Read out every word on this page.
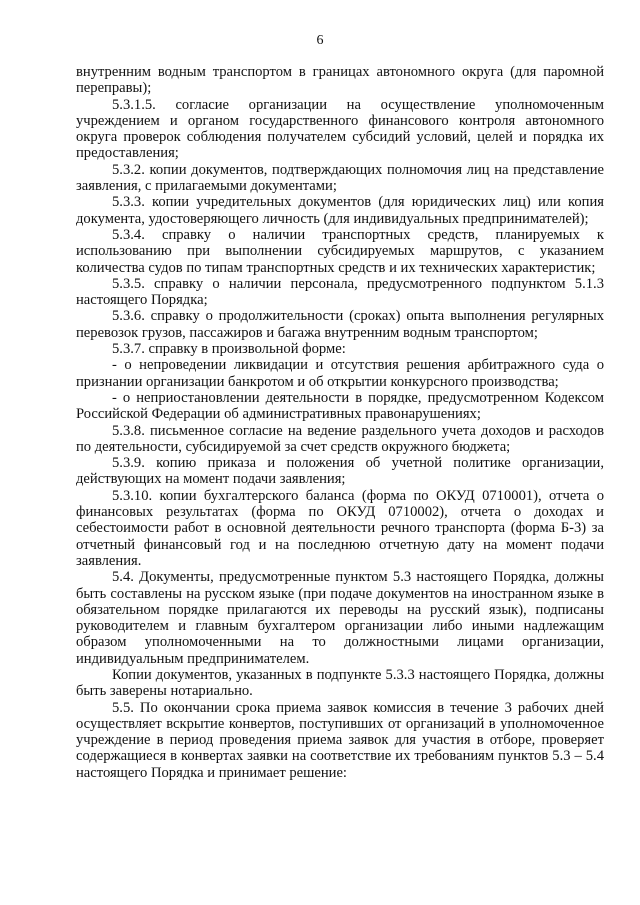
6

внутренним водным транспортом в границах автономного округа (для паромной переправы);

5.3.1.5. согласие организации на осуществление уполномоченным учреждением и органом государственного финансового контроля автономного округа проверок соблюдения получателем субсидий условий, целей и порядка их предоставления;

5.3.2. копии документов, подтверждающих полномочия лиц на представление заявления, с прилагаемыми документами;

5.3.3. копии учредительных документов (для юридических лиц) или копия документа, удостоверяющего личность (для индивидуальных предпринимателей);

5.3.4. справку о наличии транспортных средств, планируемых к использованию при выполнении субсидируемых маршрутов, с указанием количества судов по типам транспортных средств и их технических характеристик;

5.3.5. справку о наличии персонала, предусмотренного подпунктом 5.1.3 настоящего Порядка;

5.3.6. справку о продолжительности (сроках) опыта выполнения регулярных перевозок грузов, пассажиров и багажа внутренним водным транспортом;

5.3.7. справку в произвольной форме:

- о непроведении ликвидации и отсутствия решения арбитражного суда о признании организации банкротом и об открытии конкурсного производства;

- о неприостановлении деятельности в порядке, предусмотренном Кодексом Российской Федерации об административных правонарушениях;

5.3.8. письменное согласие на ведение раздельного учета доходов и расходов по деятельности, субсидируемой за счет средств окружного бюджета;

5.3.9. копию приказа и положения об учетной политике организации, действующих на момент подачи заявления;

5.3.10. копии бухгалтерского баланса (форма по ОКУД 0710001), отчета о финансовых результатах (форма по ОКУД 0710002), отчета о доходах и себестоимости работ в основной деятельности речного транспорта (форма Б-3) за отчетный финансовый год и на последнюю отчетную дату на момент подачи заявления.

5.4. Документы, предусмотренные пунктом 5.3 настоящего Порядка, должны быть составлены на русском языке (при подаче документов на иностранном языке в обязательном порядке прилагаются их переводы на русский язык), подписаны руководителем и главным бухгалтером организации либо иными надлежащим образом уполномоченными на то должностными лицами организации, индивидуальным предпринимателем.

Копии документов, указанных в подпункте 5.3.3 настоящего Порядка, должны быть заверены нотариально.

5.5. По окончании срока приема заявок комиссия в течение 3 рабочих дней осуществляет вскрытие конвертов, поступивших от организаций в уполномоченное учреждение в период проведения приема заявок для участия в отборе, проверяет содержащиеся в конвертах заявки на соответствие их требованиям пунктов 5.3 – 5.4 настоящего Порядка и принимает решение:
